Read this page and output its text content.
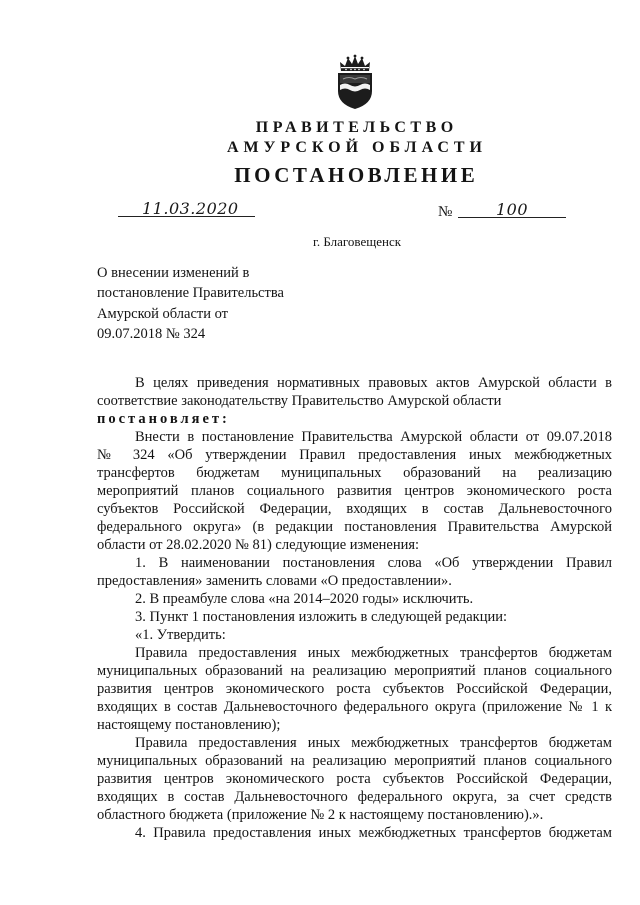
ПРАВИТЕЛЬСТВО
АМУРСКОЙ ОБЛАСТИ
ПОСТАНОВЛЕНИЕ
11.03.2020	№	100
г. Благовещенск
О внесении изменений в
постановление Правительства
Амурской области от
09.07.2018 № 324
В целях приведения нормативных правовых актов Амурской области в
соответствие законодательству Правительство Амурской области
постановляет:
Внести в постановление Правительства Амурской области от 09.07.2018
№ 324 «Об утверждении Правил предоставления иных межбюджетных
трансфертов бюджетам муниципальных образований на реализацию
мероприятий планов социального развития центров экономического роста
субъектов Российской Федерации, входящих в состав Дальневосточного
федерального округа» (в редакции постановления Правительства Амурской
области от 28.02.2020 № 81) следующие изменения:
1. В наименовании постановления слова «Об утверждении Правил
предоставления» заменить словами «О предоставлении».
2. В преамбуле слова «на 2014–2020 годы» исключить.
3. Пункт 1 постановления изложить в следующей редакции:
«1. Утвердить:
Правила предоставления иных межбюджетных трансфертов бюджетам
муниципальных образований на реализацию мероприятий планов социального
развития центров экономического роста субъектов Российской Федерации,
входящих в состав Дальневосточного федерального округа (приложение № 1 к
настоящему постановлению);
Правила предоставления иных межбюджетных трансфертов бюджетам
муниципальных образований на реализацию мероприятий планов социального
развития центров экономического роста субъектов Российской Федерации,
входящих в состав Дальневосточного федерального округа, за счет средств
областного бюджета (приложение № 2 к настоящему постановлению).».
4. Правила предоставления иных межбюджетных трансфертов бюджетам
